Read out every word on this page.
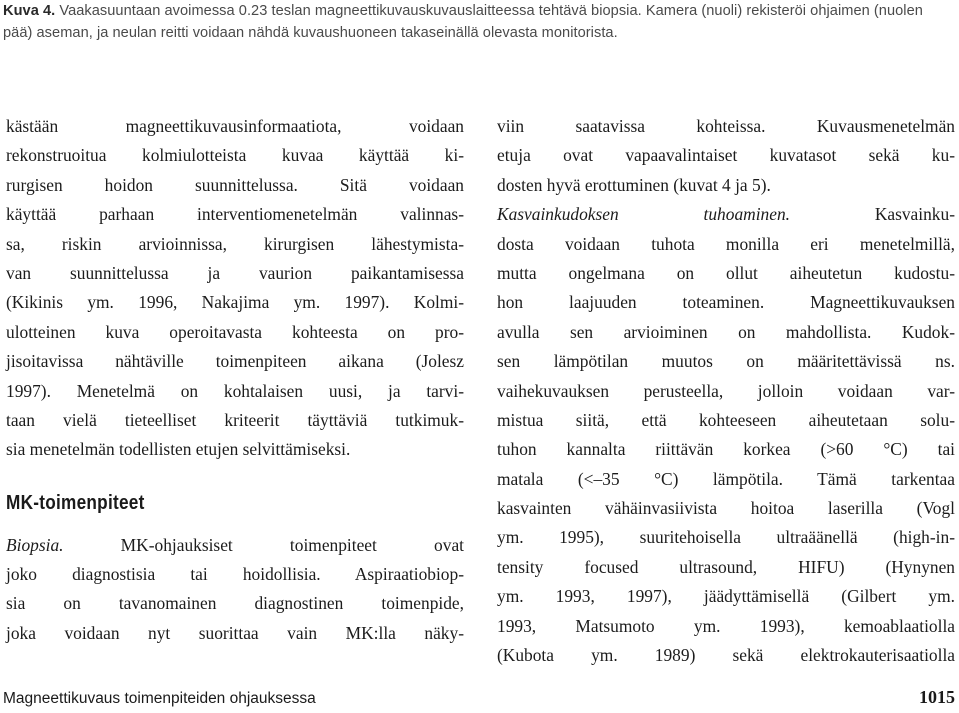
Kuva 4. Vaakasuuntaan avoimessa 0.23 teslan magneettikuvauskuvauslaitteessa tehtävä biopsia. Kamera (nuoli) rekisteröi ohjaimen (nuolen pää) aseman, ja neulan reitti voidaan nähdä kuvaushuoneen takaseinällä olevasta monitorista.
kästään magneettikuvausinformaatiota, voidaan
rekonstruoitua kolmiulotteista kuvaa käyttää ki-
rurgisen hoidon suunnittelussa. Sitä voidaan
käyttää parhaan interventiomenetelmän valinnas-
sa, riskin arvioinnissa, kirurgisen lähestymista-
van suunnittelussa ja vaurion paikantamisessa
(Kikinis ym. 1996, Nakajima ym. 1997). Kolmi-
ulotteinen kuva operoitavasta kohteesta on pro-
jisoitavissa nähtäville toimenpiteen aikana (Jolesz
1997). Menetelmä on kohtalaisen uusi, ja tarvi-
taan vielä tieteelliset kriteerit täyttäviä tutkimuk-
sia menetelmän todellisten etujen selvittämiseksi.
MK-toimenpiteet
Biopsia. MK-ohjauksiset toimenpiteet ovat
joko diagnostisia tai hoidollisia. Aspiraatiobiop-
sia on tavanomainen diagnostinen toimenpide,
joka voidaan nyt suorittaa vain MK:lla näky-
viin saatavissa kohteissa. Kuvausmenetelmän
etuja ovat vapaavalintaiset kuvatasot sekä ku-
dosten hyvä erottuminen (kuvat 4 ja 5).
Kasvainkudoksen tuhoaminen. Kasvainku-
dosta voidaan tuhota monilla eri menetelmillä,
mutta ongelmana on ollut aiheutetun kudostu-
hon laajuuden toteaminen. Magneettikuvauksen
avulla sen arvioiminen on mahdollista. Kudok-
sen lämpötilan muutos on määritettävissä ns.
vaihekuvauksen perusteella, jolloin voidaan var-
mistua siitä, että kohteeseen aiheutetaan solu-
tuhon kannalta riittävän korkea (>60 °C) tai
matala (<–35 °C) lämpötila. Tämä tarkentaa
kasvainten vähäinvasiivista hoitoa laserilla (Vogl
ym. 1995), suuritehoisella ultraäänellä (high-in-
tensity focused ultrasound, HIFU) (Hynynen
ym. 1993, 1997), jäädyttämisellä (Gilbert ym.
1993, Matsumoto ym. 1993), kemoablaatiolla
(Kubota ym. 1989) sekä elektrokauterisaatiolla
Magneettikuvaus toimenpiteiden ohjauksessa	1015
